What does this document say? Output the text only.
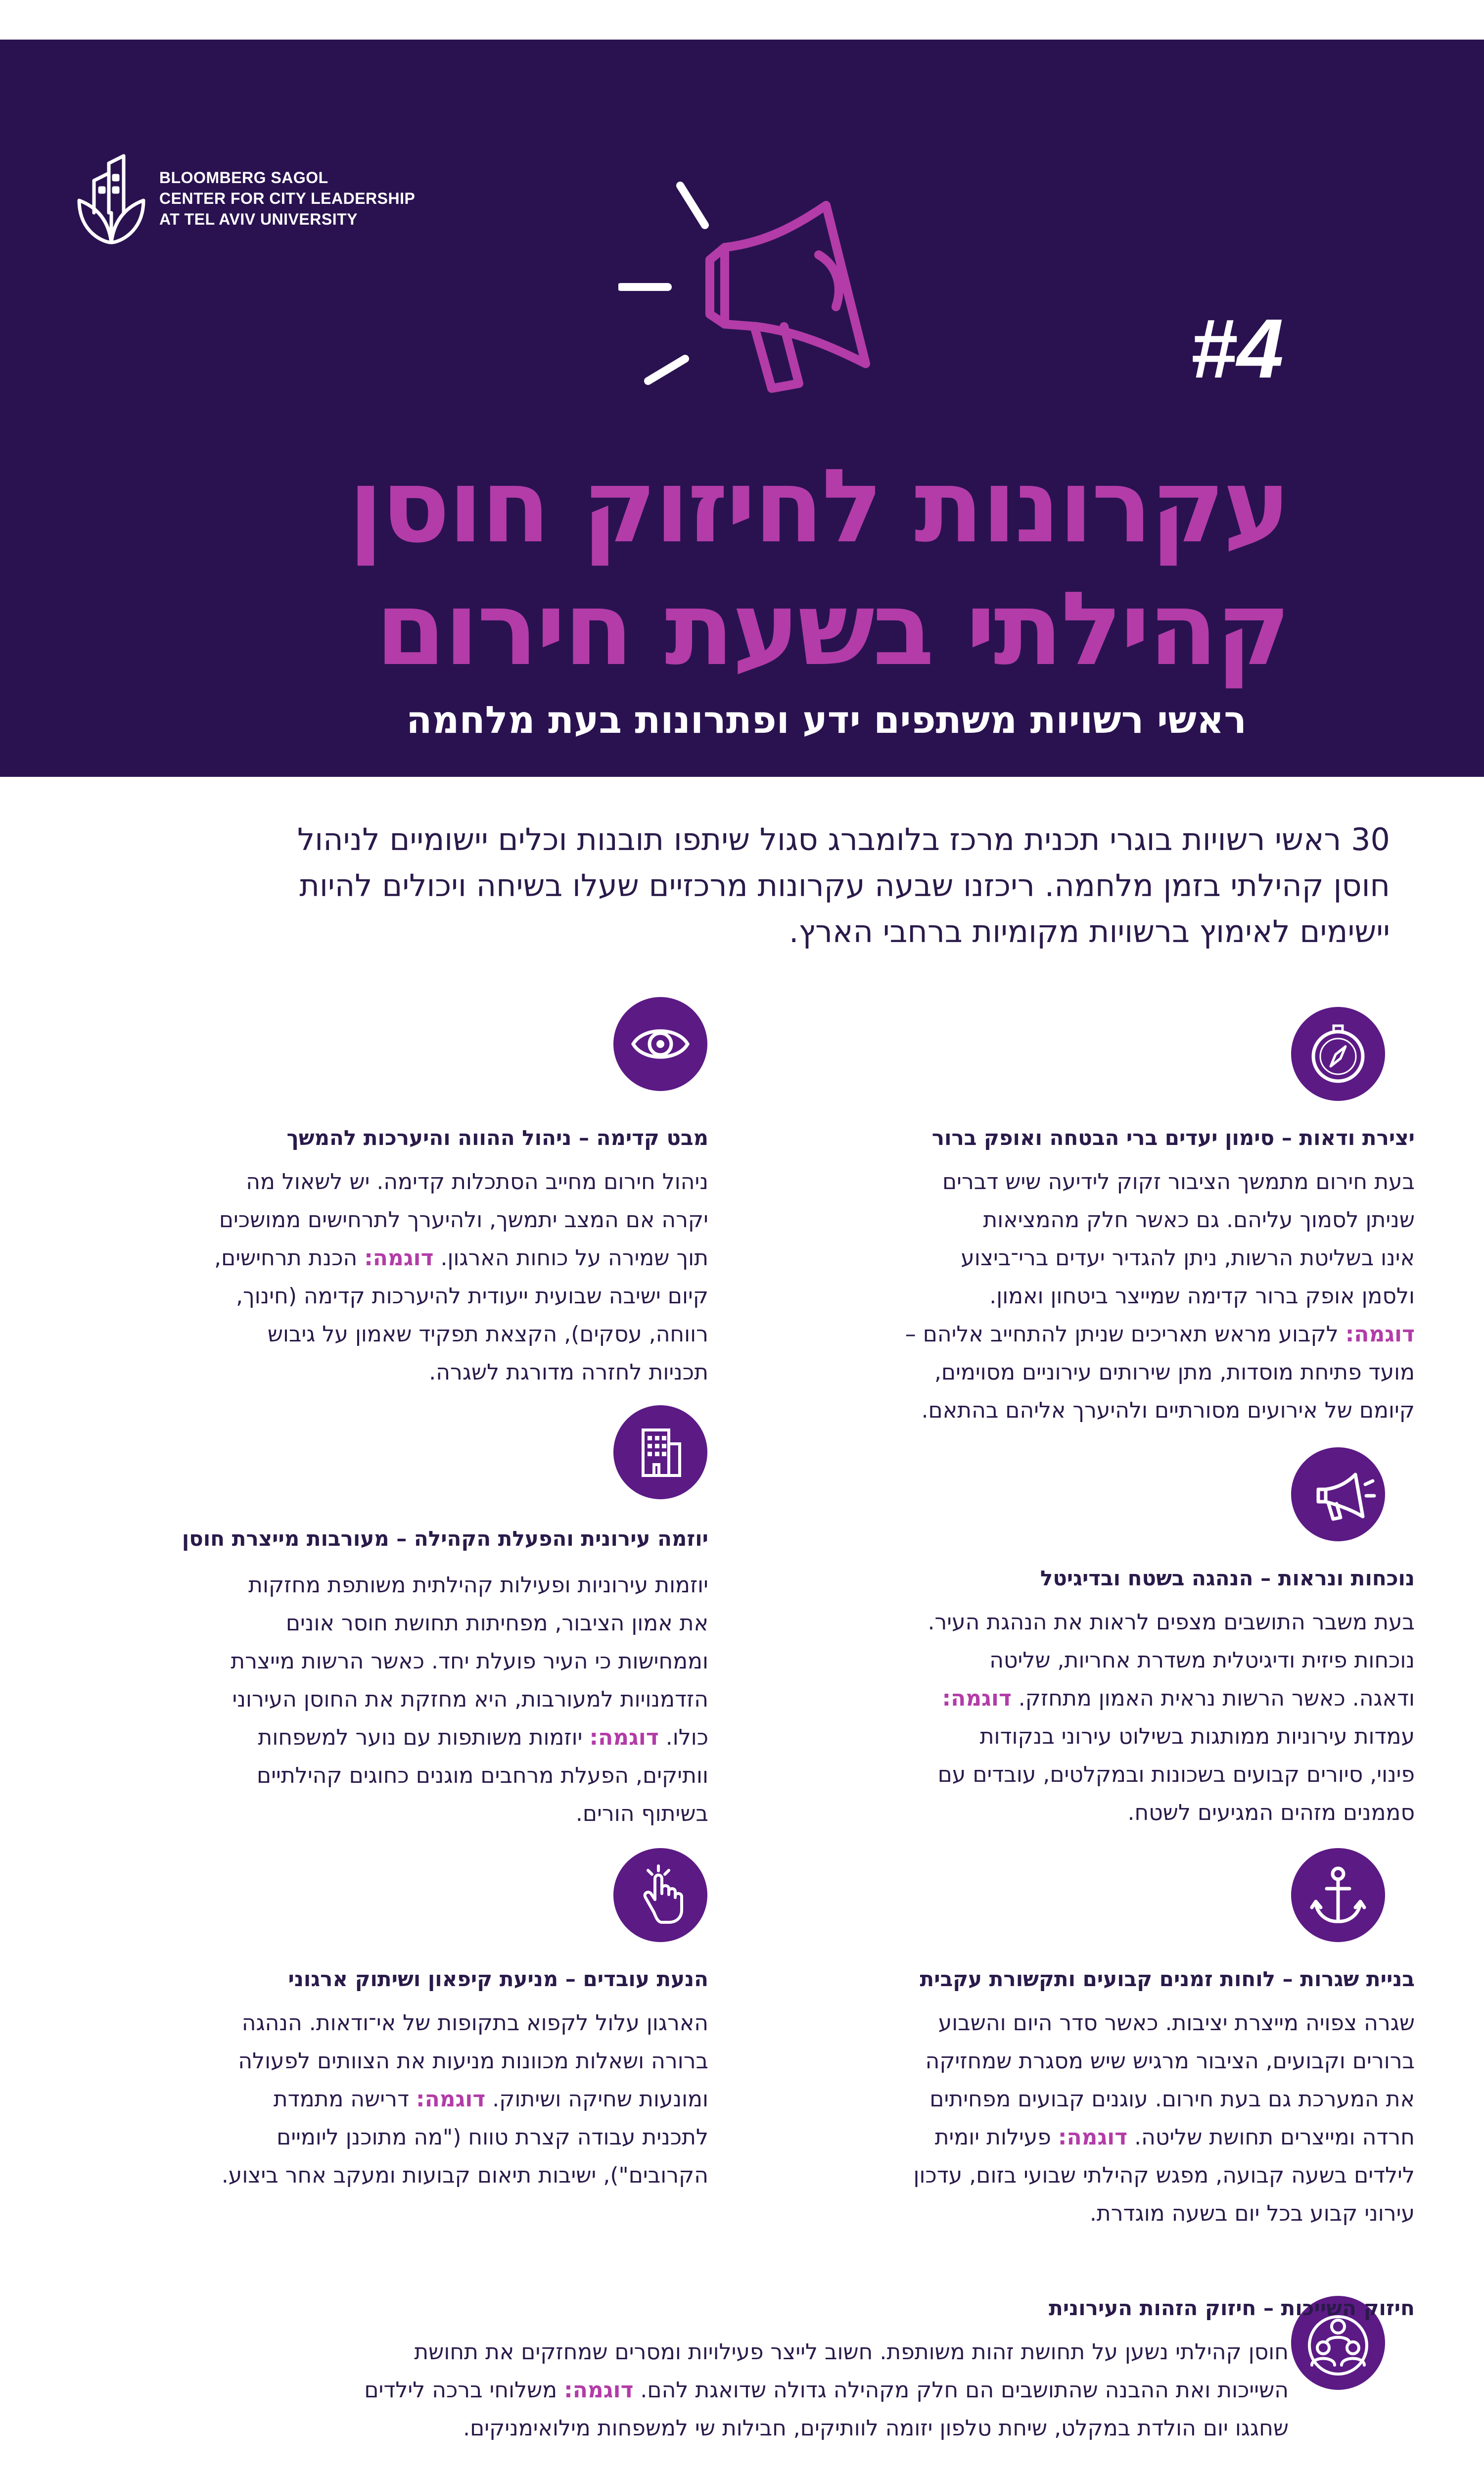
BLOOMBERG SAGOL
CENTER FOR CITY LEADERSHIP
AT TEL AVIV UNIVERSITY
#4
עקרונות לחיזוק חוסן
קהילתי בשעת חירום
ראשי רשויות משתפים ידע ופתרונות בעת מלחמה
30 ראשי רשויות בוגרי תכנית מרכז בלומברג סגול שיתפו תובנות וכלים יישומיים לניהול
חוסן קהילתי בזמן מלחמה. ריכזנו שבעה עקרונות מרכזיים שעלו בשיחה ויכולים להיות
יישימים לאימוץ ברשויות מקומיות ברחבי הארץ.
יצירת ודאות – סימון יעדים ברי הבטחה ואופק ברור
בעת חירום מתמשך הציבור זקוק לידיעה שיש דברים
שניתן לסמוך עליהם. גם כאשר חלק מהמציאות
אינו בשליטת הרשות, ניתן להגדיר יעדים ברי־ביצוע
ולסמן אופק ברור קדימה שמייצר ביטחון ואמון.
דוגמה: לקבוע מראש תאריכים שניתן להתחייב אליהם –
מועד פתיחת מוסדות, מתן שירותים עירוניים מסוימים,
קיומם של אירועים מסורתיים ולהיערך אליהם בהתאם.
מבט קדימה – ניהול ההווה והיערכות להמשך
ניהול חירום מחייב הסתכלות קדימה. יש לשאול מה
יקרה אם המצב יתמשך, ולהיערך לתרחישים ממושכים
תוך שמירה על כוחות הארגון. דוגמה: הכנת תרחישים,
קיום ישיבה שבועית ייעודית להיערכות קדימה (חינוך,
רווחה, עסקים), הקצאת תפקיד שאמון על גיבוש
תכניות לחזרה מדורגת לשגרה.
נוכחות ונראות – הנהגה בשטח ובדיגיטל
בעת משבר התושבים מצפים לראות את הנהגת העיר.
נוכחות פיזית ודיגיטלית משדרת אחריות, שליטה
ודאגה. כאשר הרשות נראית האמון מתחזק. דוגמה:
עמדות עירוניות ממותגות בשילוט עירוני בנקודות
פינוי, סיורים קבועים בשכונות ובמקלטים, עובדים עם
סממנים מזהים המגיעים לשטח.
יוזמה עירונית והפעלת הקהילה – מעורבות מייצרת חוסן
יוזמות עירוניות ופעילות קהילתית משותפת מחזקות
את אמון הציבור, מפחיתות תחושת חוסר אונים
וממחישות כי העיר פועלת יחד. כאשר הרשות מייצרת
הזדמנויות למעורבות, היא מחזקת את החוסן העירוני
כולו. דוגמה: יוזמות משותפות עם נוער למשפחות
וותיקים, הפעלת מרחבים מוגנים כחוגים קהילתיים
בשיתוף הורים.
בניית שגרות – לוחות זמנים קבועים ותקשורת עקבית
שגרה צפויה מייצרת יציבות. כאשר סדר היום והשבוע
ברורים וקבועים, הציבור מרגיש שיש מסגרת שמחזיקה
את המערכת גם בעת חירום. עוגנים קבועים מפחיתים
חרדה ומייצרים תחושת שליטה. דוגמה: פעילות יומית
לילדים בשעה קבועה, מפגש קהילתי שבועי בזום, עדכון
עירוני קבוע בכל יום בשעה מוגדרת.
הנעת עובדים – מניעת קיפאון ושיתוק ארגוני
הארגון עלול לקפוא בתקופות של אי־ודאות. הנהגה
ברורה ושאלות מכוונות מניעות את הצוותים לפעולה
ומונעות שחיקה ושיתוק. דוגמה: דרישה מתמדת
לתכנית עבודה קצרת טווח ("מה מתוכנן ליומיים
הקרובים"), ישיבות תיאום קבועות ומעקב אחר ביצוע.
חיזוק השייכות – חיזוק הזהות העירונית
חוסן קהילתי נשען על תחושת זהות משותפת. חשוב לייצר פעילויות ומסרים שמחזקים את תחושת
השייכות ואת ההבנה שהתושבים הם חלק מקהילה גדולה שדואגת להם. דוגמה: משלוחי ברכה לילדים
שחגגו יום הולדת במקלט, שיחת טלפון יזומה לוותיקים, חבילות שי למשפחות מילואימניקים.
